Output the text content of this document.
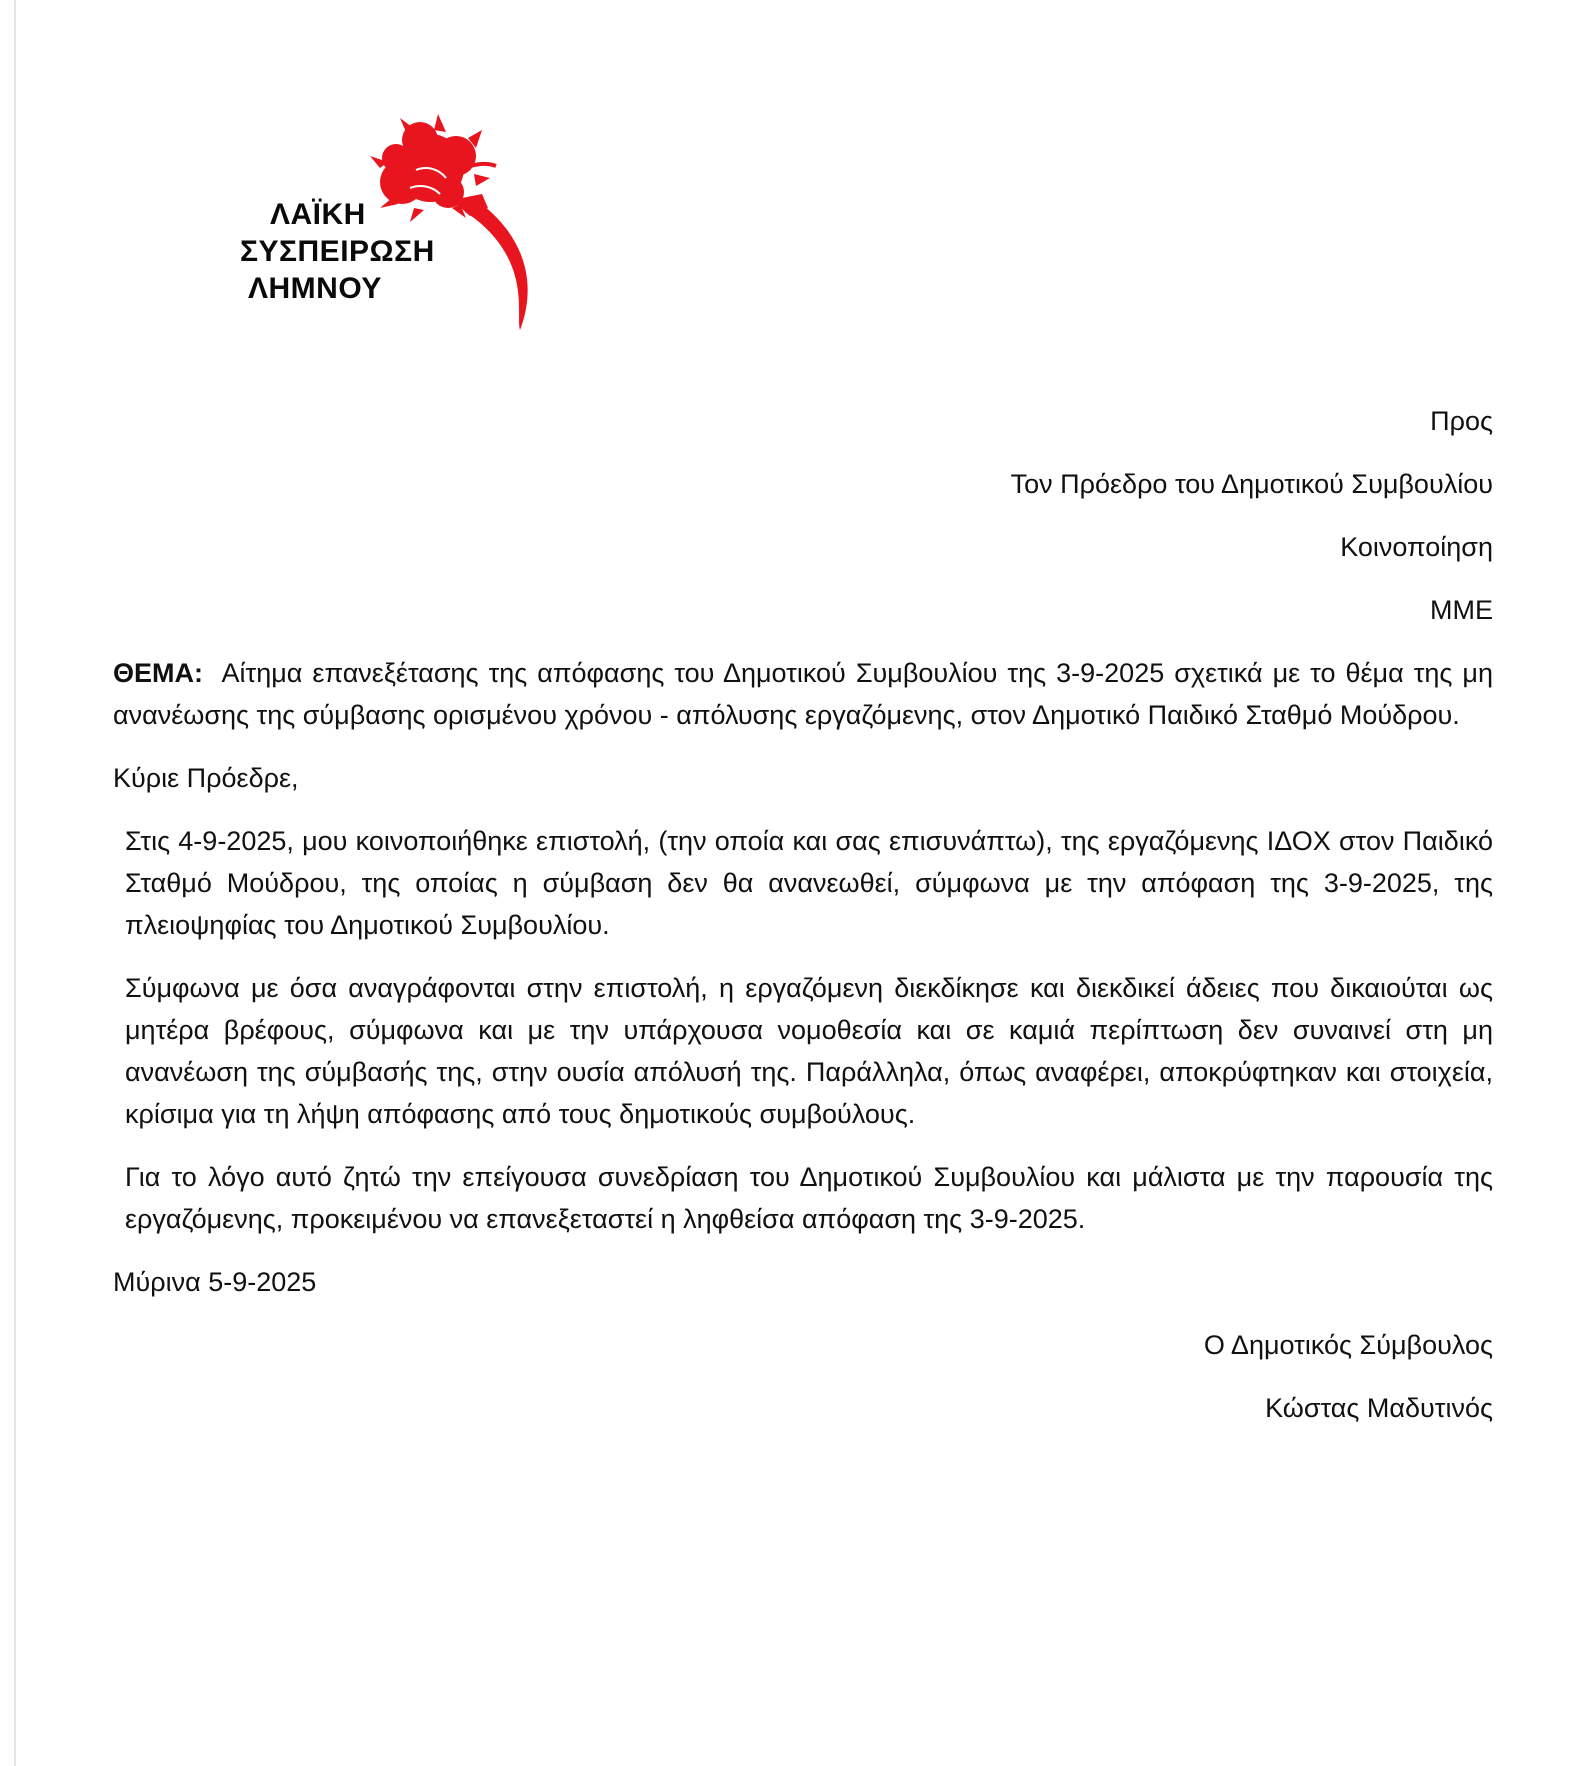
ΛΑΪΚΗ
ΣΥΣΠΕΙΡΩΣΗ
ΛΗΜΝΟΥ
Προς
Τον Πρόεδρο του Δημοτικού Συμβουλίου
Κοινοποίηση
ΜΜΕ
ΘΕΜΑ: Αίτημα επανεξέτασης της απόφασης του Δημοτικού Συμβουλίου της 3-9-2025 σχετικά με το θέμα της μη ανανέωσης της σύμβασης ορισμένου χρόνου - απόλυσης εργαζόμενης, στον Δημοτικό Παιδικό Σταθμό Μούδρου.
Κύριε Πρόεδρε,
Στις 4-9-2025, μου κοινοποιήθηκε επιστολή, (την οποία και σας επισυνάπτω), της εργαζόμενης ΙΔΟΧ στον Παιδικό Σταθμό Μούδρου, της οποίας η σύμβαση δεν θα ανανεωθεί, σύμφωνα με την απόφαση της 3-9-2025, της πλειοψηφίας του Δημοτικού Συμβουλίου.
Σύμφωνα με όσα αναγράφονται στην επιστολή, η εργαζόμενη διεκδίκησε και διεκδικεί άδειες που δικαιούται ως μητέρα βρέφους, σύμφωνα και με την υπάρχουσα νομοθεσία και σε καμιά περίπτωση δεν συναινεί στη μη ανανέωση της σύμβασής της, στην ουσία απόλυσή της. Παράλληλα, όπως αναφέρει, αποκρύφτηκαν και στοιχεία, κρίσιμα για τη λήψη απόφασης από τους δημοτικούς συμβούλους.
Για το λόγο αυτό ζητώ την επείγουσα συνεδρίαση του Δημοτικού Συμβουλίου και μάλιστα με την παρουσία της εργαζόμενης, προκειμένου να επανεξεταστεί η ληφθείσα απόφαση της 3-9-2025.
Μύρινα 5-9-2025
Ο Δημοτικός Σύμβουλος
Κώστας Μαδυτινός
